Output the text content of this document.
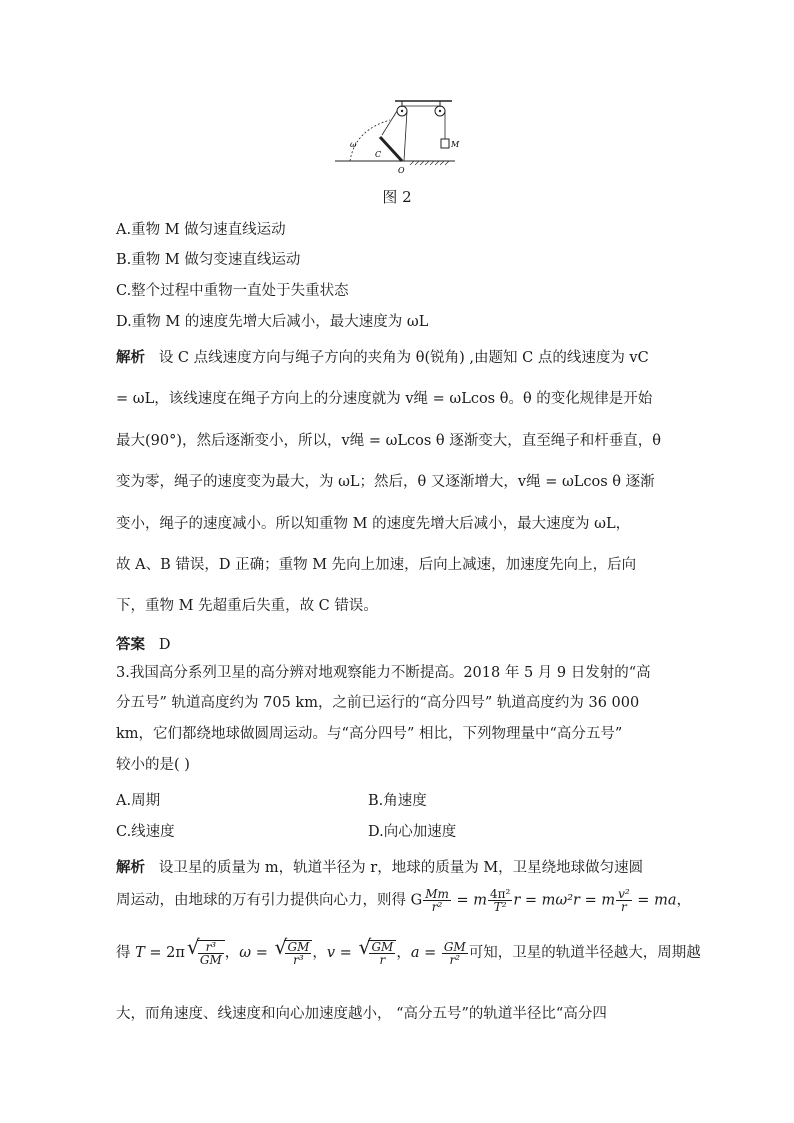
ω
C
O
M
图 2
A.重物 M 做匀速直线运动
B.重物 M 做匀变速直线运动
C.整个过程中重物一直处于失重状态
D.重物 M 的速度先增大后减小，最大速度为 ωL
解析 设 C 点线速度方向与绳子方向的夹角为 θ(锐角) ,由题知 C 点的线速度为 vC
= ωL，该线速度在绳子方向上的分速度就为 v绳 = ωLcos θ。θ 的变化规律是开始
最大(90°)，然后逐渐变小，所以，v绳 = ωLcos θ 逐渐变大，直至绳子和杆垂直，θ
变为零，绳子的速度变为最大，为 ωL；然后，θ 又逐渐增大，v绳 = ωLcos θ 逐渐
变小，绳子的速度减小。所以知重物 M 的速度先增大后减小，最大速度为 ωL，
故 A、B 错误，D 正确；重物 M 先向上加速，后向上减速，加速度先向上，后向
下，重物 M 先超重后失重，故 C 错误。
答案 D
3.我国高分系列卫星的高分辨对地观察能力不断提高。2018 年 5 月 9 日发射的“高
分五号” 轨道高度约为 705 km，之前已运行的“高分四号” 轨道高度约为 36 000
km，它们都绕地球做圆周运动。与“高分四号” 相比，下列物理量中“高分五号”
较小的是( )
A.周期	B.角速度
C.线速度	D.向心加速度
解析 设卫星的质量为 m，轨道半径为 r，地球的质量为 M，卫星绕地球做匀速圆
周运动，由地球的万有引力提供向心力，则得 G $\frac{Mm}{\text{r²}} = m \frac{\text{4π²}}{\text{T²}}$ r = mω²r = m $\frac{\text{v²}}{r}$ = ma，
得 T = 2π √ $\frac{\text{r³}}{GM}$ ，ω = √ $\frac{GM}{\text{r³}}$ ，v = √ $\frac{GM}{r}$ ，$a = \frac{GM}{\text{r²}}$ 可知，卫星的轨道半径越大，周期越
大，而角速度、线速度和向心加速度越小， “高分五号”的轨道半径比“高分四
